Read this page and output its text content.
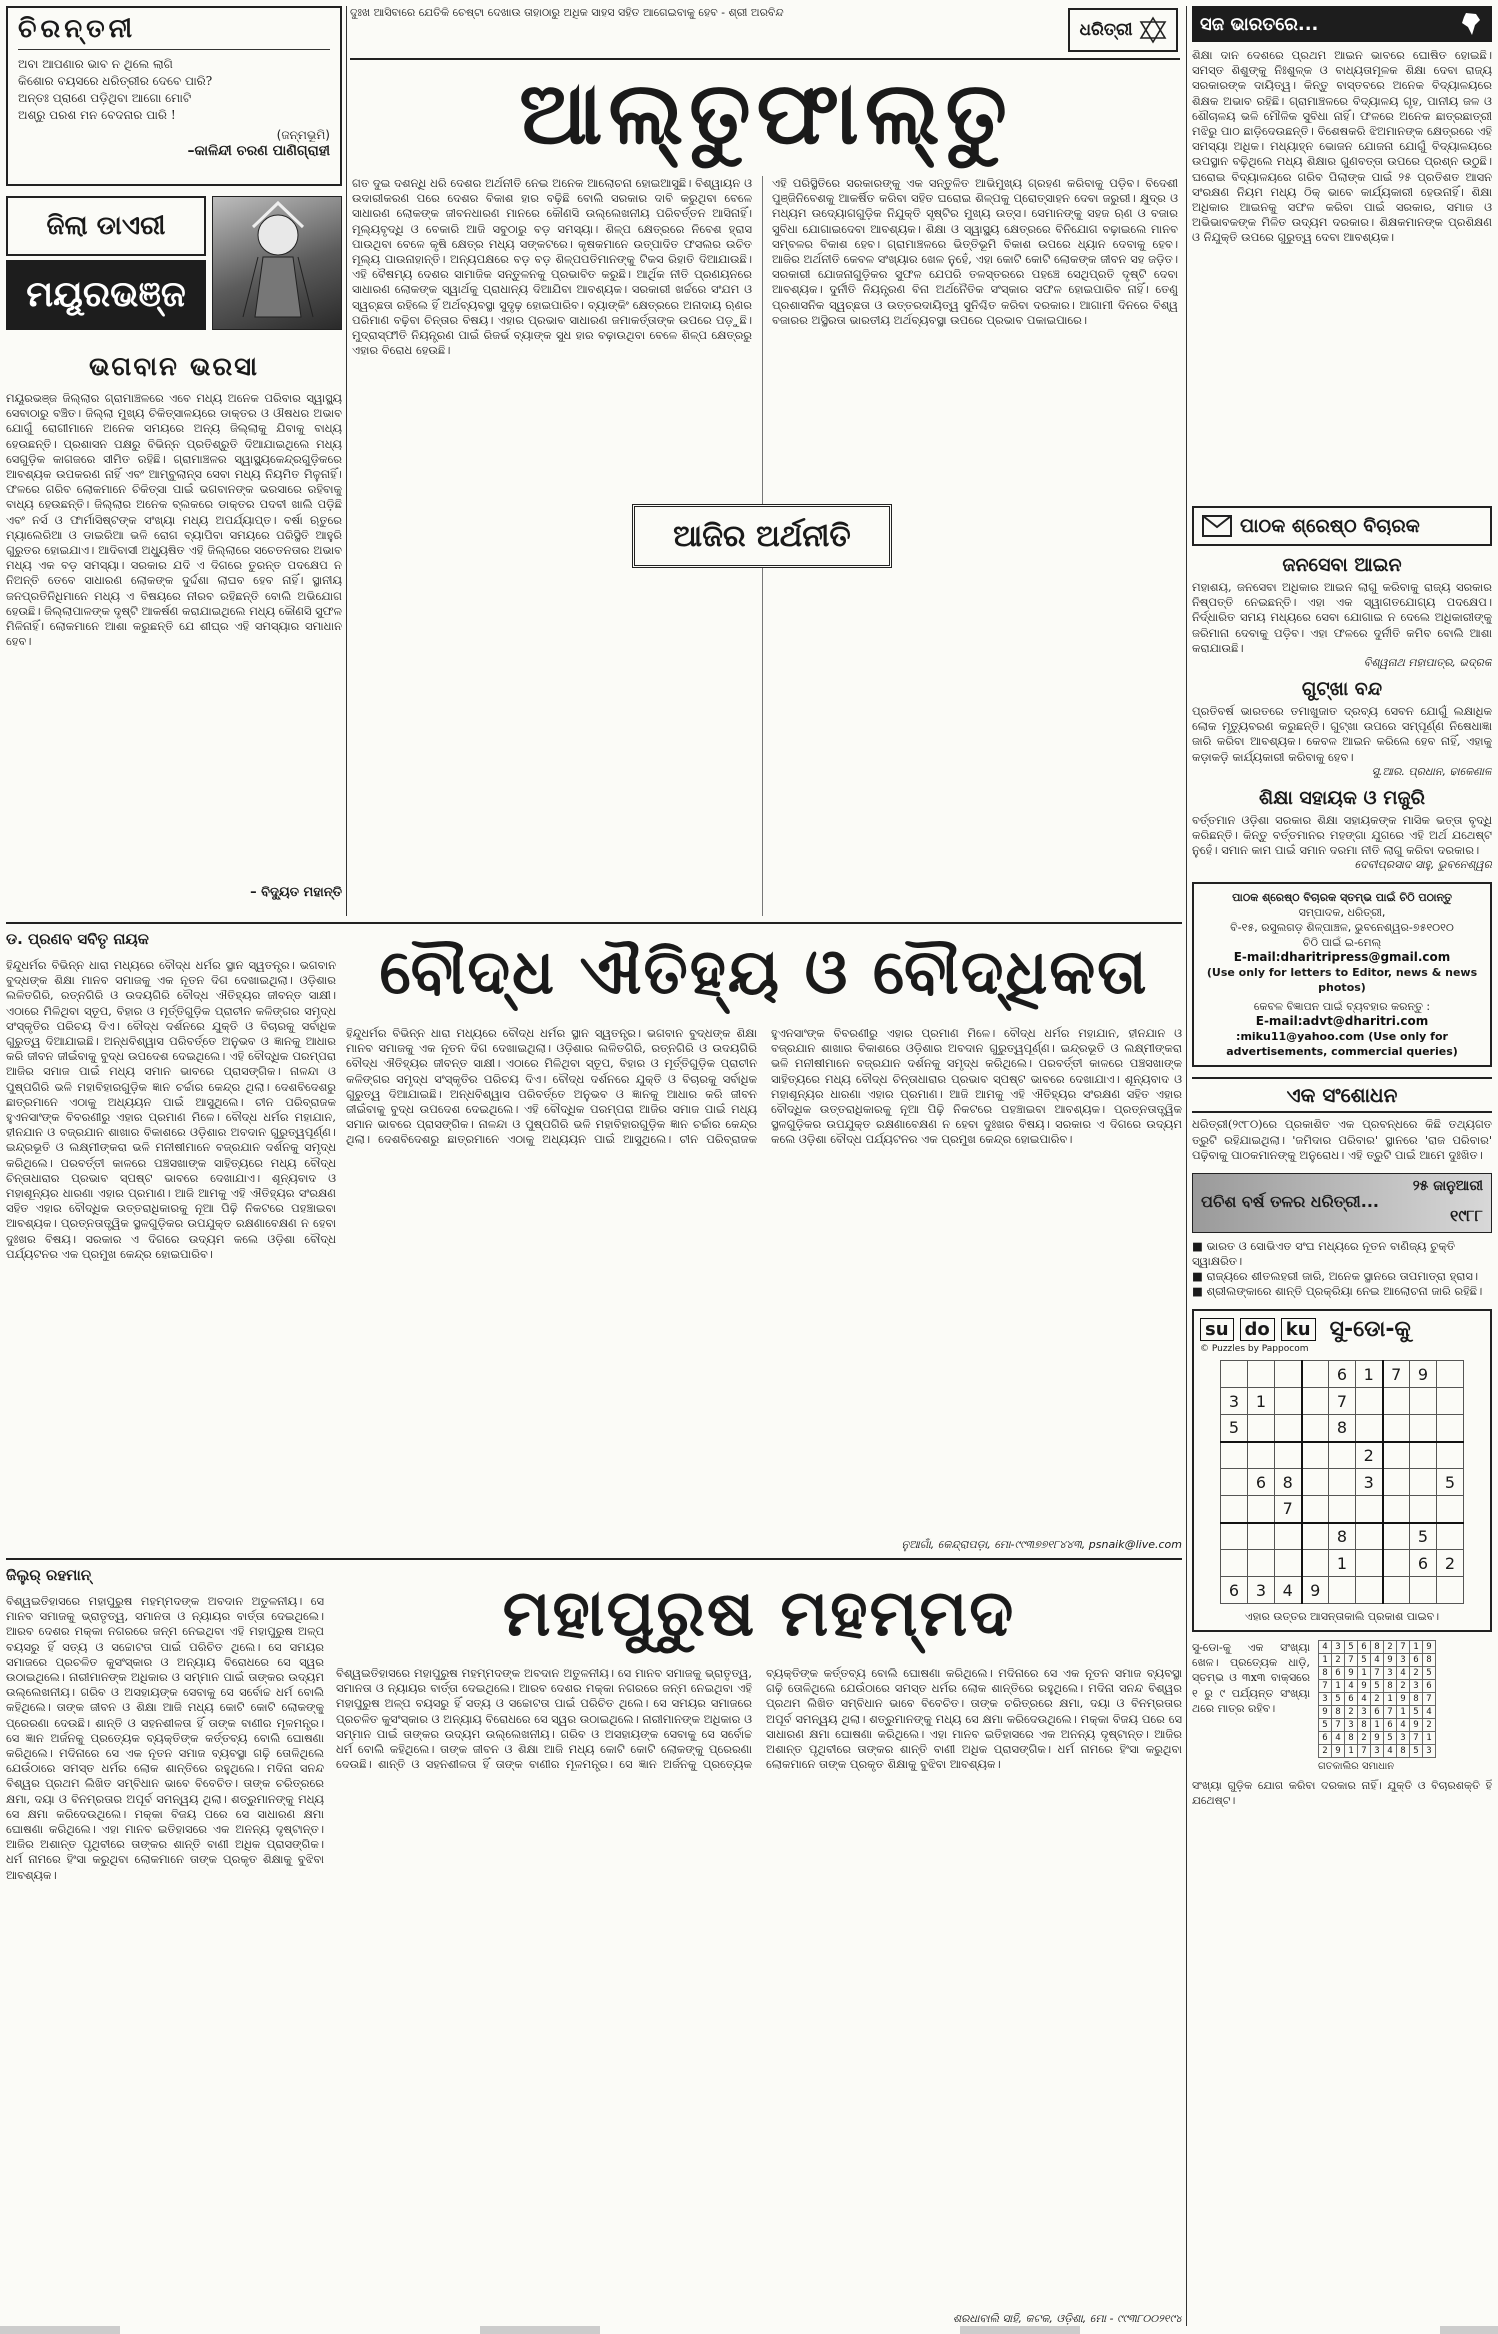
ଦୁଃଖ ଆସିବାରେ ଯେତିକି ଚେଷ୍ଟା ଦେଖାଉ ତାହାଠାରୁ ଅଧିକ ସାହସ ସହିତ ଆଗେଇବାକୁ ହେବ - ଶ୍ରୀ ଅରବିନ୍ଦ

ଧରିତ୍ରୀ
ଚିରନ୍ତନୀ

ଅବା ଆପଣାର ଭାବ ନ ଥିଲେ ଲାଗି
କିଶୋର ବୟସରେ ଧରିତ୍ରୀର ଦେବେ ପାରି?
ଅନ୍ତଃ ପ୍ରାଣେ ପଡ଼ିଥିବା ଆଗୋ ମୋଟି
ଅଶ୍ରୁ ପରଶ ମନ ବେଦନାର ପାରି !

(ଜନ୍ମଭୂମି)

–କାଳିନ୍ଦୀ ଚରଣ ପାଣିଗ୍ରାହୀ

ଜିଲା ଡାଏରୀ
ମୟୂରଭଞ୍ଜ
ଭଗବାନ ଭରସା

ମୟୂରଭଞ୍ଜ ଜିଲ୍ଲାର ଗ୍ରାମାଞ୍ଚଳରେ ଏବେ ମଧ୍ୟ ଅନେକ ପରିବାର ସ୍ୱାସ୍ଥ୍ୟ ସେବାଠାରୁ ବଞ୍ଚିତ। ଜିଲ୍ଲା ମୁଖ୍ୟ ଚିକିତ୍ସାଳୟରେ ଡାକ୍ତର ଓ ଔଷଧର ଅଭାବ ଯୋଗୁଁ ରୋଗୀମାନେ ଅନେକ ସମୟରେ ଅନ୍ୟ ଜିଲ୍ଲାକୁ ଯିବାକୁ ବାଧ୍ୟ ହେଉଛନ୍ତି। ପ୍ରଶାସନ ପକ୍ଷରୁ ବିଭିନ୍ନ ପ୍ରତିଶ୍ରୁତି ଦିଆଯାଇଥିଲେ ମଧ୍ୟ ସେଗୁଡ଼ିକ କାଗଜରେ ସୀମିତ ରହିଛି। ଗ୍ରାମାଞ୍ଚଳର ସ୍ୱାସ୍ଥ୍ୟକେନ୍ଦ୍ରଗୁଡ଼ିକରେ ଆବଶ୍ୟକ ଉପକରଣ ନାହିଁ ଏବଂ ଆମ୍ବୁଲାନ୍ସ ସେବା ମଧ୍ୟ ନିୟମିତ ମିଳୁନାହିଁ। ଫଳରେ ଗରିବ ଲୋକମାନେ ଚିକିତ୍ସା ପାଇଁ ଭଗବାନଙ୍କ ଭରସାରେ ରହିବାକୁ ବାଧ୍ୟ ହେଉଛନ୍ତି। ଜିଲ୍ଲାର ଅନେକ ବ୍ଲକରେ ଡାକ୍ତର ପଦବୀ ଖାଲି ପଡ଼ିଛି ଏବଂ ନର୍ସ ଓ ଫାର୍ମାସିଷ୍ଟଙ୍କ ସଂଖ୍ୟା ମଧ୍ୟ ଅପର୍ଯ୍ୟାପ୍ତ। ବର୍ଷା ଋତୁରେ ମ୍ୟାଲେରିଆ ଓ ଡାଇରିଆ ଭଳି ରୋଗ ବ୍ୟାପିବା ସମୟରେ ପରିସ୍ଥିତି ଆହୁରି ଗୁରୁତର ହୋଇଯାଏ। ଆଦିବାସୀ ଅଧ୍ୟୁଷିତ ଏହି ଜିଲ୍ଲାରେ ସଚେତନତାର ଅଭାବ ମଧ୍ୟ ଏକ ବଡ଼ ସମସ୍ୟା। ସରକାର ଯଦି ଏ ଦିଗରେ ତୁରନ୍ତ ପଦକ୍ଷେପ ନ ନିଅନ୍ତି ତେବେ ସାଧାରଣ ଲୋକଙ୍କ ଦୁର୍ଦ୍ଦଶା ଲାଘବ ହେବ ନାହିଁ। ସ୍ଥାନୀୟ ଜନପ୍ରତିନିଧିମାନେ ମଧ୍ୟ ଏ ବିଷୟରେ ନୀରବ ରହିଛନ୍ତି ବୋଲି ଅଭିଯୋଗ ହେଉଛି। ଜିଲ୍ଲାପାଳଙ୍କ ଦୃଷ୍ଟି ଆକର୍ଷଣ କରାଯାଇଥିଲେ ମଧ୍ୟ କୌଣସି ସୁଫଳ ମିଳିନାହିଁ। ଲୋକମାନେ ଆଶା କରୁଛନ୍ତି ଯେ ଶୀଘ୍ର ଏହି ସମସ୍ୟାର ସମାଧାନ ହେବ।

– ବିଦ୍ୟୁତ ମହାନ୍ତି

ଆଲ୍‌ତୁଫାଲ୍‌ତୁ

ଗତ ଦୁଇ ଦଶନ୍ଧି ଧରି ଦେଶର ଅର୍ଥନୀତି ନେଇ ଅନେକ ଆଲୋଚନା ହୋଇଆସୁଛି। ବିଶ୍ୱାୟନ ଓ ଉଦାରୀକରଣ ପରେ ଦେଶର ବିକାଶ ହାର ବଢ଼ିଛି ବୋଲି ସରକାର ଦାବି କରୁଥିବା ବେଳେ ସାଧାରଣ ଲୋକଙ୍କ ଜୀବନଧାରଣ ମାନରେ କୌଣସି ଉଲ୍ଲେଖନୀୟ ପରିବର୍ତ୍ତନ ଆସିନାହିଁ। ମୂଲ୍ୟବୃଦ୍ଧି ଓ ବେକାରି ଆଜି ସବୁଠାରୁ ବଡ଼ ସମସ୍ୟା। ଶିଳ୍ପ କ୍ଷେତ୍ରରେ ନିବେଶ ହ୍ରାସ ପାଉଥିବା ବେଳେ କୃଷି କ୍ଷେତ୍ର ମଧ୍ୟ ସଙ୍କଟରେ। କୃଷକମାନେ ଉତ୍ପାଦିତ ଫସଲର ଉଚିତ ମୂଲ୍ୟ ପାଉନାହାନ୍ତି। ଅନ୍ୟପକ୍ଷରେ ବଡ଼ ବଡ଼ ଶିଳ୍ପପତିମାନଙ୍କୁ ଟିକସ ରିହାତି ଦିଆଯାଉଛି। ଏହି ବୈଷମ୍ୟ ଦେଶର ସାମାଜିକ ସନ୍ତୁଳନକୁ ପ୍ରଭାବିତ କରୁଛି। ଆର୍ଥିକ ନୀତି ପ୍ରଣୟନରେ ସାଧାରଣ ଲୋକଙ୍କ ସ୍ୱାର୍ଥକୁ ପ୍ରାଧାନ୍ୟ ଦିଆଯିବା ଆବଶ୍ୟକ। ସରକାରୀ ଖର୍ଚ୍ଚରେ ସଂଯମ ଓ ସ୍ୱଚ୍ଛତା ରହିଲେ ହିଁ ଅର୍ଥବ୍ୟବସ୍ଥା ସୁଦୃଢ଼ ହୋଇପାରିବ। ବ୍ୟାଙ୍କିଂ କ୍ଷେତ୍ରରେ ଅନାଦାୟ ଋଣର ପରିମାଣ ବଢ଼ିବା ଚିନ୍ତାର ବିଷୟ। ଏହାର ପ୍ରଭାବ ସାଧାରଣ ଜମାକର୍ତ୍ତାଙ୍କ ଉପରେ ପଡ଼ୁଛି। ମୁଦ୍ରାସ୍ଫୀତି ନିୟନ୍ତ୍ରଣ ପାଇଁ ରିଜର୍ଭ ବ୍ୟାଙ୍କ ସୁଧ ହାର ବଢ଼ାଉଥିବା ବେଳେ ଶିଳ୍ପ କ୍ଷେତ୍ରରୁ ଏହାର ବିରୋଧ ହେଉଛି।

ଏହି ପରିସ୍ଥିତିରେ ସରକାରଙ୍କୁ ଏକ ସନ୍ତୁଳିତ ଆଭିମୁଖ୍ୟ ଗ୍ରହଣ କରିବାକୁ ପଡ଼ିବ। ବିଦେଶୀ ପୁଞ୍ଜିନିବେଶକୁ ଆକର୍ଷିତ କରିବା ସହିତ ଘରୋଇ ଶିଳ୍ପକୁ ପ୍ରୋତ୍ସାହନ ଦେବା ଜରୁରୀ। କ୍ଷୁଦ୍ର ଓ ମଧ୍ୟମ ଉଦ୍ୟୋଗଗୁଡ଼ିକ ନିଯୁକ୍ତି ସୃଷ୍ଟିର ମୁଖ୍ୟ ଉତ୍ସ। ସେମାନଙ୍କୁ ସହଜ ଋଣ ଓ ବଜାର ସୁବିଧା ଯୋଗାଇଦେବା ଆବଶ୍ୟକ। ଶିକ୍ଷା ଓ ସ୍ୱାସ୍ଥ୍ୟ କ୍ଷେତ୍ରରେ ବିନିଯୋଗ ବଢ଼ାଇଲେ ମାନବ ସମ୍ବଳର ବିକାଶ ହେବ। ଗ୍ରାମାଞ୍ଚଳରେ ଭିତ୍ତିଭୂମି ବିକାଶ ଉପରେ ଧ୍ୟାନ ଦେବାକୁ ହେବ। ଆଜିର ଅର୍ଥନୀତି କେବଳ ସଂଖ୍ୟାର ଖେଳ ନୁହେଁ, ଏହା କୋଟି କୋଟି ଲୋକଙ୍କ ଜୀବନ ସହ ଜଡ଼ିତ। ସରକାରୀ ଯୋଜନାଗୁଡ଼ିକର ସୁଫଳ ଯେପରି ତଳସ୍ତରରେ ପହଞ୍ଚେ ସେଥିପ୍ରତି ଦୃଷ୍ଟି ଦେବା ଆବଶ୍ୟକ। ଦୁର୍ନୀତି ନିୟନ୍ତ୍ରଣ ବିନା ଅର୍ଥନୈତିକ ସଂସ୍କାର ସଫଳ ହୋଇପାରିବ ନାହିଁ। ତେଣୁ ପ୍ରଶାସନିକ ସ୍ୱଚ୍ଛତା ଓ ଉତ୍ତରଦାୟିତ୍ୱ ସୁନିଶ୍ଚିତ କରିବା ଦରକାର। ଆଗାମୀ ଦିନରେ ବିଶ୍ୱ ବଜାରର ଅସ୍ଥିରତା ଭାରତୀୟ ଅର୍ଥବ୍ୟବସ୍ଥା ଉପରେ ପ୍ରଭାବ ପକାଇପାରେ।

ଆଜିର ଅର୍ଥନୀତି
ଡ. ପ୍ରଣବ ସବିତୃ ନାୟକ	ବୌଦ୍ଧ ଐତିହ୍ୟ ଓ ବୌଦ୍ଧିକତା

ହିନ୍ଦୁଧର୍ମର ବିଭିନ୍ନ ଧାରା ମଧ୍ୟରେ ବୌଦ୍ଧ ଧର୍ମର ସ୍ଥାନ ସ୍ୱତନ୍ତ୍ର। ଭଗବାନ ବୁଦ୍ଧଙ୍କ ଶିକ୍ଷା ମାନବ ସମାଜକୁ ଏକ ନୂତନ ଦିଗ ଦେଖାଇଥିଲା। ଓଡ଼ିଶାର ଲଳିତଗିରି, ରତ୍ନଗିରି ଓ ଉଦୟଗିରି ବୌଦ୍ଧ ଐତିହ୍ୟର ଜୀବନ୍ତ ସାକ୍ଷୀ। ଏଠାରେ ମିଳିଥିବା ସ୍ତୂପ, ବିହାର ଓ ମୂର୍ତ୍ତିଗୁଡ଼ିକ ପ୍ରାଚୀନ କଳିଙ୍ଗର ସମୃଦ୍ଧ ସଂସ୍କୃତିର ପରିଚୟ ଦିଏ। ବୌଦ୍ଧ ଦର୍ଶନରେ ଯୁକ୍ତି ଓ ବିଚାରକୁ ସର୍ବାଧିକ ଗୁରୁତ୍ୱ ଦିଆଯାଇଛି। ଅନ୍ଧବିଶ୍ୱାସ ପରିବର୍ତ୍ତେ ଅନୁଭବ ଓ ଜ୍ଞାନକୁ ଆଧାର କରି ଜୀବନ ଜୀଇଁବାକୁ ବୁଦ୍ଧ ଉପଦେଶ ଦେଇଥିଲେ। ଏହି ବୌଦ୍ଧିକ ପରମ୍ପରା ଆଜିର ସମାଜ ପାଇଁ ମଧ୍ୟ ସମାନ ଭାବରେ ପ୍ରାସଙ୍ଗିକ। ନାଳନ୍ଦା ଓ ପୁଷ୍ପଗିରି ଭଳି ମହାବିହାରଗୁଡ଼ିକ ଜ୍ଞାନ ଚର୍ଚ୍ଚାର କେନ୍ଦ୍ର ଥିଲା। ଦେଶବିଦେଶରୁ ଛାତ୍ରମାନେ ଏଠାକୁ ଅଧ୍ୟୟନ ପାଇଁ ଆସୁଥିଲେ। ଚୀନ ପରିବ୍ରାଜକ ହୁଏନସାଂଙ୍କ ବିବରଣୀରୁ ଏହାର ପ୍ରମାଣ ମିଳେ। ବୌଦ୍ଧ ଧର୍ମର ମହାଯାନ, ହୀନଯାନ ଓ ବଜ୍ରଯାନ ଶାଖାର ବିକାଶରେ ଓଡ଼ିଶାର ଅବଦାନ ଗୁରୁତ୍ୱପୂର୍ଣ୍ଣ। ଇନ୍ଦ୍ରଭୂତି ଓ ଲକ୍ଷ୍ମୀଙ୍କରା ଭଳି ମନୀଷୀମାନେ ବଜ୍ରଯାନ ଦର୍ଶନକୁ ସମୃଦ୍ଧ କରିଥିଲେ। ପରବର୍ତ୍ତୀ କାଳରେ ପଞ୍ଚସଖାଙ୍କ ସାହିତ୍ୟରେ ମଧ୍ୟ ବୌଦ୍ଧ ଚିନ୍ତାଧାରାର ପ୍ରଭାବ ସ୍ପଷ୍ଟ ଭାବରେ ଦେଖାଯାଏ। ଶୂନ୍ୟବାଦ ଓ ମହାଶୂନ୍ୟର ଧାରଣା ଏହାର ପ୍ରମାଣ। ଆଜି ଆମକୁ ଏହି ଐତିହ୍ୟର ସଂରକ୍ଷଣ ସହିତ ଏହାର ବୌଦ୍ଧିକ ଉତ୍ତରାଧିକାରକୁ ନୂଆ ପିଢ଼ି ନିକଟରେ ପହଞ୍ଚାଇବା ଆବଶ୍ୟକ। ପ୍ରତ୍ନତାତ୍ତ୍ୱିକ ସ୍ଥଳଗୁଡ଼ିକର ଉପଯୁକ୍ତ ରକ୍ଷଣାବେକ୍ଷଣ ନ ହେବା ଦୁଃଖର ବିଷୟ। ସରକାର ଏ ଦିଗରେ ଉଦ୍ୟମ କଲେ ଓଡ଼ିଶା ବୌଦ୍ଧ ପର୍ଯ୍ୟଟନର ଏକ ପ୍ରମୁଖ କେନ୍ଦ୍ର ହୋଇପାରିବ।

ହିନ୍ଦୁଧର୍ମର ବିଭିନ୍ନ ଧାରା ମଧ୍ୟରେ ବୌଦ୍ଧ ଧର୍ମର ସ୍ଥାନ ସ୍ୱତନ୍ତ୍ର। ଭଗବାନ ବୁଦ୍ଧଙ୍କ ଶିକ୍ଷା ମାନବ ସମାଜକୁ ଏକ ନୂତନ ଦିଗ ଦେଖାଇଥିଲା। ଓଡ଼ିଶାର ଲଳିତଗିରି, ରତ୍ନଗିରି ଓ ଉଦୟଗିରି ବୌଦ୍ଧ ଐତିହ୍ୟର ଜୀବନ୍ତ ସାକ୍ଷୀ। ଏଠାରେ ମିଳିଥିବା ସ୍ତୂପ, ବିହାର ଓ ମୂର୍ତ୍ତିଗୁଡ଼ିକ ପ୍ରାଚୀନ କଳିଙ୍ଗର ସମୃଦ୍ଧ ସଂସ୍କୃତିର ପରିଚୟ ଦିଏ। ବୌଦ୍ଧ ଦର୍ଶନରେ ଯୁକ୍ତି ଓ ବିଚାରକୁ ସର୍ବାଧିକ ଗୁରୁତ୍ୱ ଦିଆଯାଇଛି। ଅନ୍ଧବିଶ୍ୱାସ ପରିବର୍ତ୍ତେ ଅନୁଭବ ଓ ଜ୍ଞାନକୁ ଆଧାର କରି ଜୀବନ ଜୀଇଁବାକୁ ବୁଦ୍ଧ ଉପଦେଶ ଦେଇଥିଲେ। ଏହି ବୌଦ୍ଧିକ ପରମ୍ପରା ଆଜିର ସମାଜ ପାଇଁ ମଧ୍ୟ ସମାନ ଭାବରେ ପ୍ରାସଙ୍ଗିକ। ନାଳନ୍ଦା ଓ ପୁଷ୍ପଗିରି ଭଳି ମହାବିହାରଗୁଡ଼ିକ ଜ୍ଞାନ ଚର୍ଚ୍ଚାର କେନ୍ଦ୍ର ଥିଲା। ଦେଶବିଦେଶରୁ ଛାତ୍ରମାନେ ଏଠାକୁ ଅଧ୍ୟୟନ ପାଇଁ ଆସୁଥିଲେ। ଚୀନ ପରିବ୍ରାଜକ ହୁଏନସାଂଙ୍କ ବିବରଣୀରୁ ଏହାର ପ୍ରମାଣ ମିଳେ। ବୌଦ୍ଧ ଧର୍ମର ମହାଯାନ, ହୀନଯାନ ଓ ବଜ୍ରଯାନ ଶାଖାର ବିକାଶରେ ଓଡ଼ିଶାର ଅବଦାନ ଗୁରୁତ୍ୱପୂର୍ଣ୍ଣ। ଇନ୍ଦ୍ରଭୂତି ଓ ଲକ୍ଷ୍ମୀଙ୍କରା ଭଳି ମନୀଷୀମାନେ ବଜ୍ରଯାନ ଦର୍ଶନକୁ ସମୃଦ୍ଧ କରିଥିଲେ। ପରବର୍ତ୍ତୀ କାଳରେ ପଞ୍ଚସଖାଙ୍କ ସାହିତ୍ୟରେ ମଧ୍ୟ ବୌଦ୍ଧ ଚିନ୍ତାଧାରାର ପ୍ରଭାବ ସ୍ପଷ୍ଟ ଭାବରେ ଦେଖାଯାଏ। ଶୂନ୍ୟବାଦ ଓ ମହାଶୂନ୍ୟର ଧାରଣା ଏହାର ପ୍ରମାଣ। ଆଜି ଆମକୁ ଏହି ଐତିହ୍ୟର ସଂରକ୍ଷଣ ସହିତ ଏହାର ବୌଦ୍ଧିକ ଉତ୍ତରାଧିକାରକୁ ନୂଆ ପିଢ଼ି ନିକଟରେ ପହଞ୍ଚାଇବା ଆବଶ୍ୟକ। ପ୍ରତ୍ନତାତ୍ତ୍ୱିକ ସ୍ଥଳଗୁଡ଼ିକର ଉପଯୁକ୍ତ ରକ୍ଷଣାବେକ୍ଷଣ ନ ହେବା ଦୁଃଖର ବିଷୟ। ସରକାର ଏ ଦିଗରେ ଉଦ୍ୟମ କଲେ ଓଡ଼ିଶା ବୌଦ୍ଧ ପର୍ଯ୍ୟଟନର ଏକ ପ୍ରମୁଖ କେନ୍ଦ୍ର ହୋଇପାରିବ।

ନୁଆଗାଁ, କେନ୍ଦ୍ରାପଡ଼ା, ମୋ-୯୯୩୭୭୧୮୪୪୩, psnaik@live.com
ଜିଲୁର୍ ରହମାନ୍
ମହାପୁରୁଷ ମହମ୍ମଦ

ବିଶ୍ୱଇତିହାସରେ ମହାପୁରୁଷ ମହମ୍ମଦଙ୍କ ଅବଦାନ ଅତୁଳନୀୟ। ସେ ମାନବ ସମାଜକୁ ଭ୍ରାତୃତ୍ୱ, ସମାନତା ଓ ନ୍ୟାୟର ବାର୍ତ୍ତା ଦେଇଥିଲେ। ଆରବ ଦେଶର ମକ୍କା ନଗରରେ ଜନ୍ମ ନେଇଥିବା ଏହି ମହାପୁରୁଷ ଅଳ୍ପ ବୟସରୁ ହିଁ ସତ୍ୟ ଓ ସଚ୍ଚୋଟତା ପାଇଁ ପରିଚିତ ଥିଲେ। ସେ ସମୟର ସମାଜରେ ପ୍ରଚଳିତ କୁସଂସ୍କାର ଓ ଅନ୍ୟାୟ ବିରୋଧରେ ସେ ସ୍ୱର ଉଠାଇଥିଲେ। ନାରୀମାନଙ୍କ ଅଧିକାର ଓ ସମ୍ମାନ ପାଇଁ ତାଙ୍କର ଉଦ୍ୟମ ଉଲ୍ଲେଖନୀୟ। ଗରିବ ଓ ଅସହାୟଙ୍କ ସେବାକୁ ସେ ସର୍ବୋଚ୍ଚ ଧର୍ମ ବୋଲି କହିଥିଲେ। ତାଙ୍କ ଜୀବନ ଓ ଶିକ୍ଷା ଆଜି ମଧ୍ୟ କୋଟି କୋଟି ଲୋକଙ୍କୁ ପ୍ରେରଣା ଦେଉଛି। ଶାନ୍ତି ଓ ସହନଶୀଳତା ହିଁ ତାଙ୍କ ବାଣୀର ମୂଳମନ୍ତ୍ର। ସେ ଜ୍ଞାନ ଅର୍ଜନକୁ ପ୍ରତ୍ୟେକ ବ୍ୟକ୍ତିଙ୍କ କର୍ତ୍ତବ୍ୟ ବୋଲି ଘୋଷଣା କରିଥିଲେ। ମଦିନାରେ ସେ ଏକ ନୂତନ ସମାଜ ବ୍ୟବସ୍ଥା ଗଢ଼ି ତୋଳିଥିଲେ ଯେଉଁଠାରେ ସମସ୍ତ ଧର୍ମର ଲୋକ ଶାନ୍ତିରେ ରହୁଥିଲେ। ମଦିନା ସନନ୍ଦ ବିଶ୍ୱର ପ୍ରଥମ ଲିଖିତ ସମ୍ବିଧାନ ଭାବେ ବିବେଚିତ। ତାଙ୍କ ଚରିତ୍ରରେ କ୍ଷମା, ଦୟା ଓ ବିନମ୍ରତାର ଅପୂର୍ବ ସମନ୍ୱୟ ଥିଲା। ଶତ୍ରୁମାନଙ୍କୁ ମଧ୍ୟ ସେ କ୍ଷମା କରିଦେଉଥିଲେ। ମକ୍କା ବିଜୟ ପରେ ସେ ସାଧାରଣ କ୍ଷମା ଘୋଷଣା କରିଥିଲେ। ଏହା ମାନବ ଇତିହାସରେ ଏକ ଅନନ୍ୟ ଦୃଷ୍ଟାନ୍ତ। ଆଜିର ଅଶାନ୍ତ ପୃଥିବୀରେ ତାଙ୍କର ଶାନ୍ତି ବାଣୀ ଅଧିକ ପ୍ରାସଙ୍ଗିକ। ଧର୍ମ ନାମରେ ହିଂସା କରୁଥିବା ଲୋକମାନେ ତାଙ୍କ ପ୍ରକୃତ ଶିକ୍ଷାକୁ ବୁଝିବା ଆବଶ୍ୟକ।

ବିଶ୍ୱଇତିହାସରେ ମହାପୁରୁଷ ମହମ୍ମଦଙ୍କ ଅବଦାନ ଅତୁଳନୀୟ। ସେ ମାନବ ସମାଜକୁ ଭ୍ରାତୃତ୍ୱ, ସମାନତା ଓ ନ୍ୟାୟର ବାର୍ତ୍ତା ଦେଇଥିଲେ। ଆରବ ଦେଶର ମକ୍କା ନଗରରେ ଜନ୍ମ ନେଇଥିବା ଏହି ମହାପୁରୁଷ ଅଳ୍ପ ବୟସରୁ ହିଁ ସତ୍ୟ ଓ ସଚ୍ଚୋଟତା ପାଇଁ ପରିଚିତ ଥିଲେ। ସେ ସମୟର ସମାଜରେ ପ୍ରଚଳିତ କୁସଂସ୍କାର ଓ ଅନ୍ୟାୟ ବିରୋଧରେ ସେ ସ୍ୱର ଉଠାଇଥିଲେ। ନାରୀମାନଙ୍କ ଅଧିକାର ଓ ସମ୍ମାନ ପାଇଁ ତାଙ୍କର ଉଦ୍ୟମ ଉଲ୍ଲେଖନୀୟ। ଗରିବ ଓ ଅସହାୟଙ୍କ ସେବାକୁ ସେ ସର୍ବୋଚ୍ଚ ଧର୍ମ ବୋଲି କହିଥିଲେ। ତାଙ୍କ ଜୀବନ ଓ ଶିକ୍ଷା ଆଜି ମଧ୍ୟ କୋଟି କୋଟି ଲୋକଙ୍କୁ ପ୍ରେରଣା ଦେଉଛି। ଶାନ୍ତି ଓ ସହନଶୀଳତା ହିଁ ତାଙ୍କ ବାଣୀର ମୂଳମନ୍ତ୍ର। ସେ ଜ୍ଞାନ ଅର୍ଜନକୁ ପ୍ରତ୍ୟେକ ବ୍ୟକ୍ତିଙ୍କ କର୍ତ୍ତବ୍ୟ ବୋଲି ଘୋଷଣା କରିଥିଲେ। ମଦିନାରେ ସେ ଏକ ନୂତନ ସମାଜ ବ୍ୟବସ୍ଥା ଗଢ଼ି ତୋଳିଥିଲେ ଯେଉଁଠାରେ ସମସ୍ତ ଧର୍ମର ଲୋକ ଶାନ୍ତିରେ ରହୁଥିଲେ। ମଦିନା ସନନ୍ଦ ବିଶ୍ୱର ପ୍ରଥମ ଲିଖିତ ସମ୍ବିଧାନ ଭାବେ ବିବେଚିତ। ତାଙ୍କ ଚରିତ୍ରରେ କ୍ଷମା, ଦୟା ଓ ବିନମ୍ରତାର ଅପୂର୍ବ ସମନ୍ୱୟ ଥିଲା। ଶତ୍ରୁମାନଙ୍କୁ ମଧ୍ୟ ସେ କ୍ଷମା କରିଦେଉଥିଲେ। ମକ୍କା ବିଜୟ ପରେ ସେ ସାଧାରଣ କ୍ଷମା ଘୋଷଣା କରିଥିଲେ। ଏହା ମାନବ ଇତିହାସରେ ଏକ ଅନନ୍ୟ ଦୃଷ୍ଟାନ୍ତ। ଆଜିର ଅଶାନ୍ତ ପୃଥିବୀରେ ତାଙ୍କର ଶାନ୍ତି ବାଣୀ ଅଧିକ ପ୍ରାସଙ୍ଗିକ। ଧର୍ମ ନାମରେ ହିଂସା କରୁଥିବା ଲୋକମାନେ ତାଙ୍କ ପ୍ରକୃତ ଶିକ୍ଷାକୁ ବୁଝିବା ଆବଶ୍ୟକ।

ଶରଧାବାଲି ସାହି, କଟକ, ଓଡ଼ିଶା, ମୋ - ୯୯୩୮୦୦୨୧୯୪
ସଜ ଭାରତରେ...

ଶିକ୍ଷା ଦାନ ଦେଶରେ ପ୍ରଥମ ଆଇନ ଭାବରେ ଘୋଷିତ ହୋଇଛି। ସମସ୍ତ ଶିଶୁଙ୍କୁ ନିଃଶୁଳ୍କ ଓ ବାଧ୍ୟତାମୂଳକ ଶିକ୍ଷା ଦେବା ରାଜ୍ୟ ସରକାରଙ୍କ ଦାୟିତ୍ୱ। କିନ୍ତୁ ବାସ୍ତବରେ ଅନେକ ବିଦ୍ୟାଳୟରେ ଶିକ୍ଷକ ଅଭାବ ରହିଛି। ଗ୍ରାମାଞ୍ଚଳରେ ବିଦ୍ୟାଳୟ ଗୃହ, ପାନୀୟ ଜଳ ଓ ଶୌଚାଳୟ ଭଳି ମୌଳିକ ସୁବିଧା ନାହିଁ। ଫଳରେ ଅନେକ ଛାତ୍ରଛାତ୍ରୀ ମଝିରୁ ପାଠ ଛାଡ଼ିଦେଉଛନ୍ତି। ବିଶେଷକରି ଝିଅମାନଙ୍କ କ୍ଷେତ୍ରରେ ଏହି ସମସ୍ୟା ଅଧିକ। ମଧ୍ୟାହ୍ନ ଭୋଜନ ଯୋଜନା ଯୋଗୁଁ ବିଦ୍ୟାଳୟରେ ଉପସ୍ଥାନ ବଢ଼ିଥିଲେ ମଧ୍ୟ ଶିକ୍ଷାର ଗୁଣବତ୍ତା ଉପରେ ପ୍ରଶ୍ନ ଉଠୁଛି। ଘରୋଇ ବିଦ୍ୟାଳୟରେ ଗରିବ ପିଲାଙ୍କ ପାଇଁ ୨୫ ପ୍ରତିଶତ ଆସନ ସଂରକ୍ଷଣ ନିୟମ ମଧ୍ୟ ଠିକ୍ ଭାବେ କାର୍ଯ୍ୟକାରୀ ହେଉନାହିଁ। ଶିକ୍ଷା ଅଧିକାର ଆଇନକୁ ସଫଳ କରିବା ପାଇଁ ସରକାର, ସମାଜ ଓ ଅଭିଭାବକଙ୍କ ମିଳିତ ଉଦ୍ୟମ ଦରକାର। ଶିକ୍ଷକମାନଙ୍କ ପ୍ରଶିକ୍ଷଣ ଓ ନିଯୁକ୍ତି ଉପରେ ଗୁରୁତ୍ୱ ଦେବା ଆବଶ୍ୟକ।

ପାଠକ ଶ୍ରେଷ୍ଠ ବିଚାରକ
ଜନସେବା ଆଇନ

ମହାଶୟ, ଜନସେବା ଅଧିକାର ଆଇନ ଲାଗୁ କରିବାକୁ ରାଜ୍ୟ ସରକାର ନିଷ୍ପତ୍ତି ନେଇଛନ୍ତି। ଏହା ଏକ ସ୍ୱାଗତଯୋଗ୍ୟ ପଦକ୍ଷେପ। ନିର୍ଦ୍ଧାରିତ ସମୟ ମଧ୍ୟରେ ସେବା ଯୋଗାଇ ନ ଦେଲେ ଅଧିକାରୀଙ୍କୁ ଜରିମାନା ଦେବାକୁ ପଡ଼ିବ। ଏହା ଫଳରେ ଦୁର୍ନୀତି କମିବ ବୋଲି ଆଶା କରାଯାଉଛି।

ବିଶ୍ୱନାଥ ମହାପାତ୍ର, ଭଦ୍ରକ

ଗୁଟ୍‌ଖା ବନ୍ଦ

ପ୍ରତିବର୍ଷ ଭାରତରେ ତମାଖୁଜାତ ଦ୍ରବ୍ୟ ସେବନ ଯୋଗୁଁ ଲକ୍ଷାଧିକ ଲୋକ ମୃତ୍ୟୁବରଣ କରୁଛନ୍ତି। ଗୁଟ୍‌ଖା ଉପରେ ସମ୍ପୂର୍ଣ୍ଣ ନିଷେଧାଜ୍ଞା ଜାରି କରିବା ଆବଶ୍ୟକ। କେବଳ ଆଇନ କରିଲେ ହେବ ନାହିଁ, ଏହାକୁ କଡ଼ାକଡ଼ି କାର୍ଯ୍ୟକାରୀ କରିବାକୁ ହେବ।

ସୁ.ଆର. ପ୍ରଧାନ, ଢାକେଣାଳ

ଶିକ୍ଷା ସହାୟକ ଓ ମଜୁରି

ବର୍ତ୍ତମାନ ଓଡ଼ିଶା ସରକାର ଶିକ୍ଷା ସହାୟକଙ୍କ ମାସିକ ଭତ୍ତା ବୃଦ୍ଧି କରିଛନ୍ତି। କିନ୍ତୁ ବର୍ତ୍ତମାନର ମହଙ୍ଗା ଯୁଗରେ ଏହି ଅର୍ଥ ଯଥେଷ୍ଟ ନୁହେଁ। ସମାନ କାମ ପାଇଁ ସମାନ ଦରମା ନୀତି ଲାଗୁ କରିବା ଦରକାର।

ଦେବୀପ୍ରସାଦ ସାହୁ, ଭୁବନେଶ୍ୱର

ପାଠକ ଶ୍ରେଷ୍ଠ ବିଚାରକ ସ୍ତମ୍ଭ ପାଇଁ ଚିଠି ପଠାନ୍ତୁ
ସମ୍ପାଦକ, ଧରିତ୍ରୀ,
ବି-୧୫, ରସୁଲଗଡ଼ ଶିଳ୍ପାଞ୍ଚଳ, ଭୁବନେଶ୍ୱର-୭୫୧୦୧୦
ଚିଠି ପାଇଁ ଇ-ମେଲ୍
E-mail:dharitripress@gmail.com
(Use only for letters to Editor, news & news photos)
କେବଳ ବିଜ୍ଞାପନ ପାଇଁ ବ୍ୟବହାର କରନ୍ତୁ :
E-mail:advt@dharitri.com
:miku11@yahoo.com (Use only for advertisements, commercial queries)
ଏକ ସଂଶୋଧନ

ଧରିତ୍ରୀ(୨୯୮୦)ରେ ପ୍ରକାଶିତ ଏକ ପ୍ରବନ୍ଧରେ କିଛି ତଥ୍ୟଗତ ତ୍ରୁଟି ରହିଯାଇଥିଲା। 'ଜମିଦାର ପରିବାର' ସ୍ଥାନରେ 'ରାଜ ପରିବାର' ପଢ଼ିବାକୁ ପାଠକମାନଙ୍କୁ ଅନୁରୋଧ। ଏହି ତ୍ରୁଟି ପାଇଁ ଆମେ ଦୁଃଖିତ।

ପଚିଶ ବର୍ଷ ତଳର ଧରିତ୍ରୀ...
୨୫ ଜାନୁଆରୀ
୧୯୮୮
■ ଭାରତ ଓ ସୋଭିଏତ ସଂଘ ମଧ୍ୟରେ ନୂତନ ବାଣିଜ୍ୟ ଚୁକ୍ତି ସ୍ୱାକ୍ଷରିତ।
■ ରାଜ୍ୟରେ ଶୀତଲହରୀ ଜାରି, ଅନେକ ସ୍ଥାନରେ ତାପମାତ୍ରା ହ୍ରାସ।
■ ଶ୍ରୀଲଙ୍କାରେ ଶାନ୍ତି ପ୍ରକ୍ରିୟା ନେଇ ଆଲୋଚନା ଜାରି ରହିଛି।
su do ku ସୁ-ଡୋ-କୁ
© Puzzles by Pappocom
				6	1	7	9	
3	1			7				
5				8				
					2			
	6	8			3			5
		7						
				8			5	
				1			6	2
6	3	4	9					
ଏହାର ଉତ୍ତର ଆସନ୍ତାକାଲି ପ୍ରକାଶ ପାଇବ।

ସୁ-ଡୋ-କୁ ଏକ ସଂଖ୍ୟା ଖେଳ। ପ୍ରତ୍ୟେକ ଧାଡ଼ି, ସ୍ତମ୍ଭ ଓ ୩x୩ ବାକ୍ସରେ ୧ ରୁ ୯ ପର୍ଯ୍ୟନ୍ତ ସଂଖ୍ୟା ଥରେ ମାତ୍ର ରହିବ।

4	3	5	6	8	2	7	1	9
1	2	7	5	4	9	3	6	8
8	6	9	1	7	3	4	2	5
7	1	4	9	5	8	2	3	6
3	5	6	4	2	1	9	8	7
9	8	2	3	6	7	1	5	4
5	7	3	8	1	6	4	9	2
6	4	8	2	9	5	3	7	1
2	9	1	7	3	4	8	5	3
ଗତକାଲିର ସମାଧାନ

ସଂଖ୍ୟା ଗୁଡ଼ିକ ଯୋଗ କରିବା ଦରକାର ନାହିଁ। ଯୁକ୍ତି ଓ ବିଚାରଶକ୍ତି ହିଁ ଯଥେଷ୍ଟ।
